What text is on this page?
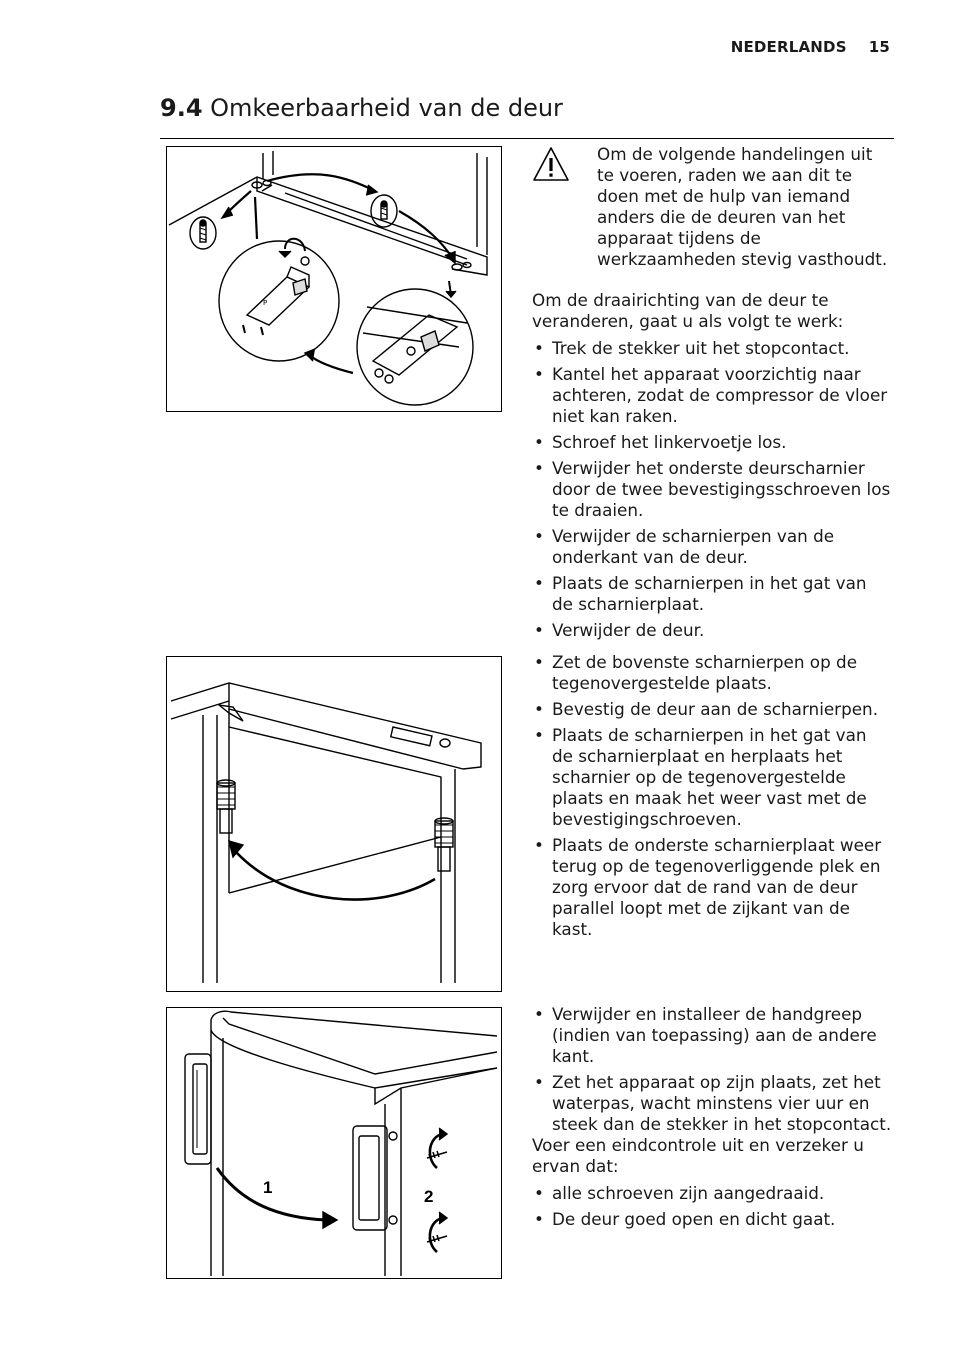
NEDERLANDS 15
9.4 Omkeerbaarheid van de deur
P
1	2

Om de volgende handelingen uit te voeren, raden we aan dit te doen met de hulp van iemand anders die de deuren van het apparaat tijdens de werkzaamheden stevig vasthoudt.

Om de draairichting van de deur te veranderen, gaat u als volgt te werk:

• Trek de stekker uit het stopcontact.
• Kantel het apparaat voorzichtig naar achteren, zodat de compressor de vloer niet kan raken.
• Schroef het linkervoetje los.
• Verwijder het onderste deurscharnier door de twee bevestigingsschroeven los te draaien.
• Verwijder de scharnierpen van de onderkant van de deur.
• Plaats de scharnierpen in het gat van de scharnierplaat.
• Verwijder de deur.
• Zet de bovenste scharnierpen op de tegenovergestelde plaats.
• Bevestig de deur aan de scharnierpen.
• Plaats de scharnierpen in het gat van de scharnierplaat en herplaats het scharnier op de tegenovergestelde plaats en maak het weer vast met de bevestigingschroeven.
• Plaats de onderste scharnierplaat weer terug op de tegenoverliggende plek en zorg ervoor dat de rand van de deur parallel loopt met de zijkant van de kast.
• Verwijder en installeer de handgreep (indien van toepassing) aan de andere kant.
• Zet het apparaat op zijn plaats, zet het waterpas, wacht minstens vier uur en steek dan de stekker in het stopcontact.

Voer een eindcontrole uit en verzeker u ervan dat:

• alle schroeven zijn aangedraaid.
• De deur goed open en dicht gaat.
